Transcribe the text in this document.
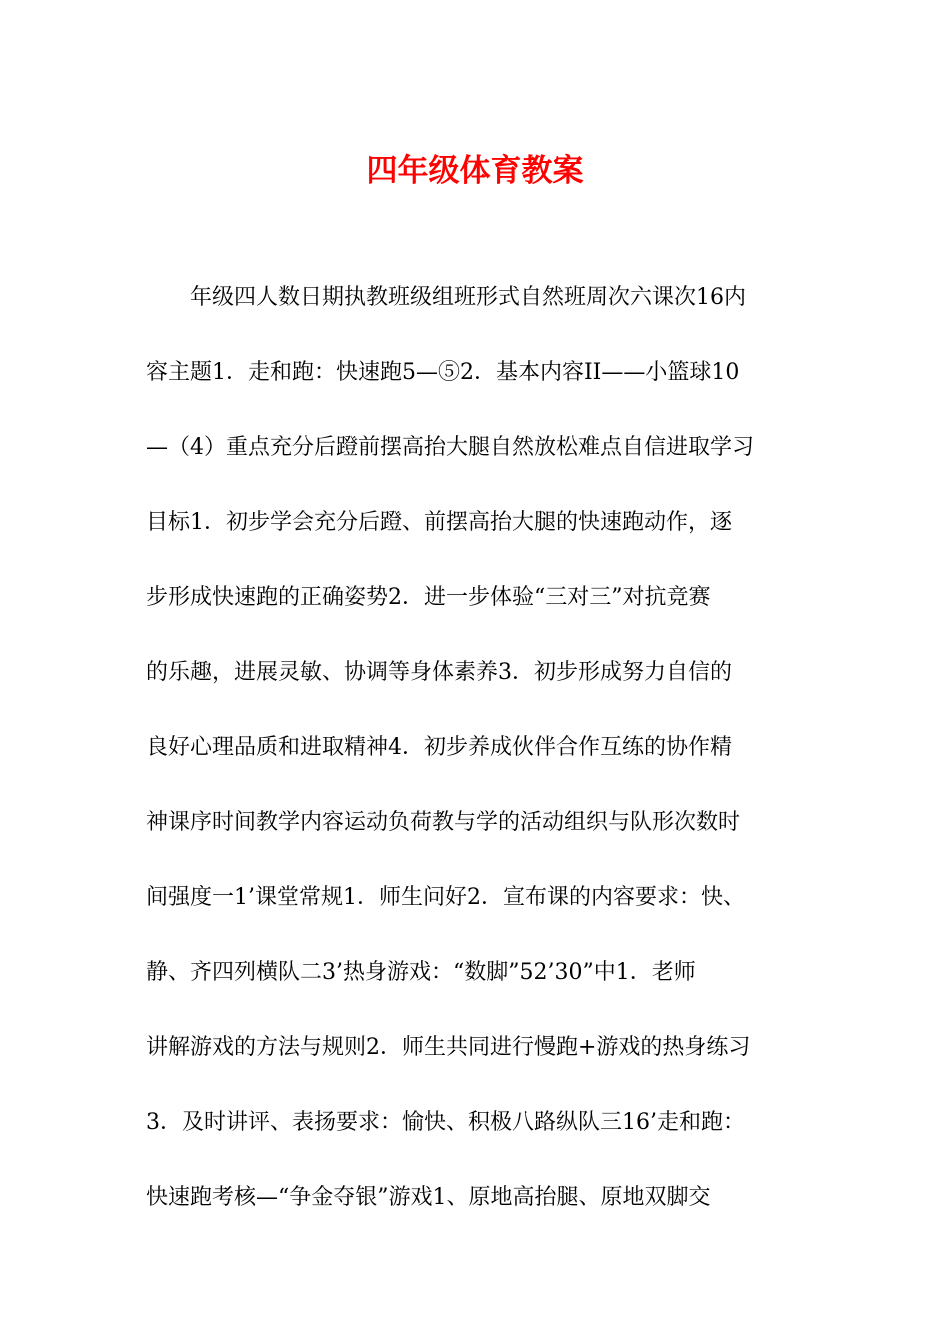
四年级体育教案
年级四人数日期执教班级组班形式自然班周次六课次16内
容主题1．走和跑：快速跑5—⑤2．基本内容II——小篮球10
—（4）重点充分后蹬前摆高抬大腿自然放松难点自信进取学习
目标1．初步学会充分后蹬、前摆高抬大腿的快速跑动作，逐
步形成快速跑的正确姿势2．进一步体验“三对三”对抗竞赛
的乐趣，进展灵敏、协调等身体素养3．初步形成努力自信的
良好心理品质和进取精神4．初步养成伙伴合作互练的协作精
神课序时间教学内容运动负荷教与学的活动组织与队形次数时
间强度一1’课堂常规1．师生问好2．宣布课的内容要求：快、
静、齐四列横队二3’热身游戏：“数脚”52’30”中1．老师
讲解游戏的方法与规则2．师生共同进行慢跑+游戏的热身练习
3．及时讲评、表扬要求：愉快、积极八路纵队三16’走和跑：
快速跑考核—“争金夺银”游戏1、原地高抬腿、原地双脚交
